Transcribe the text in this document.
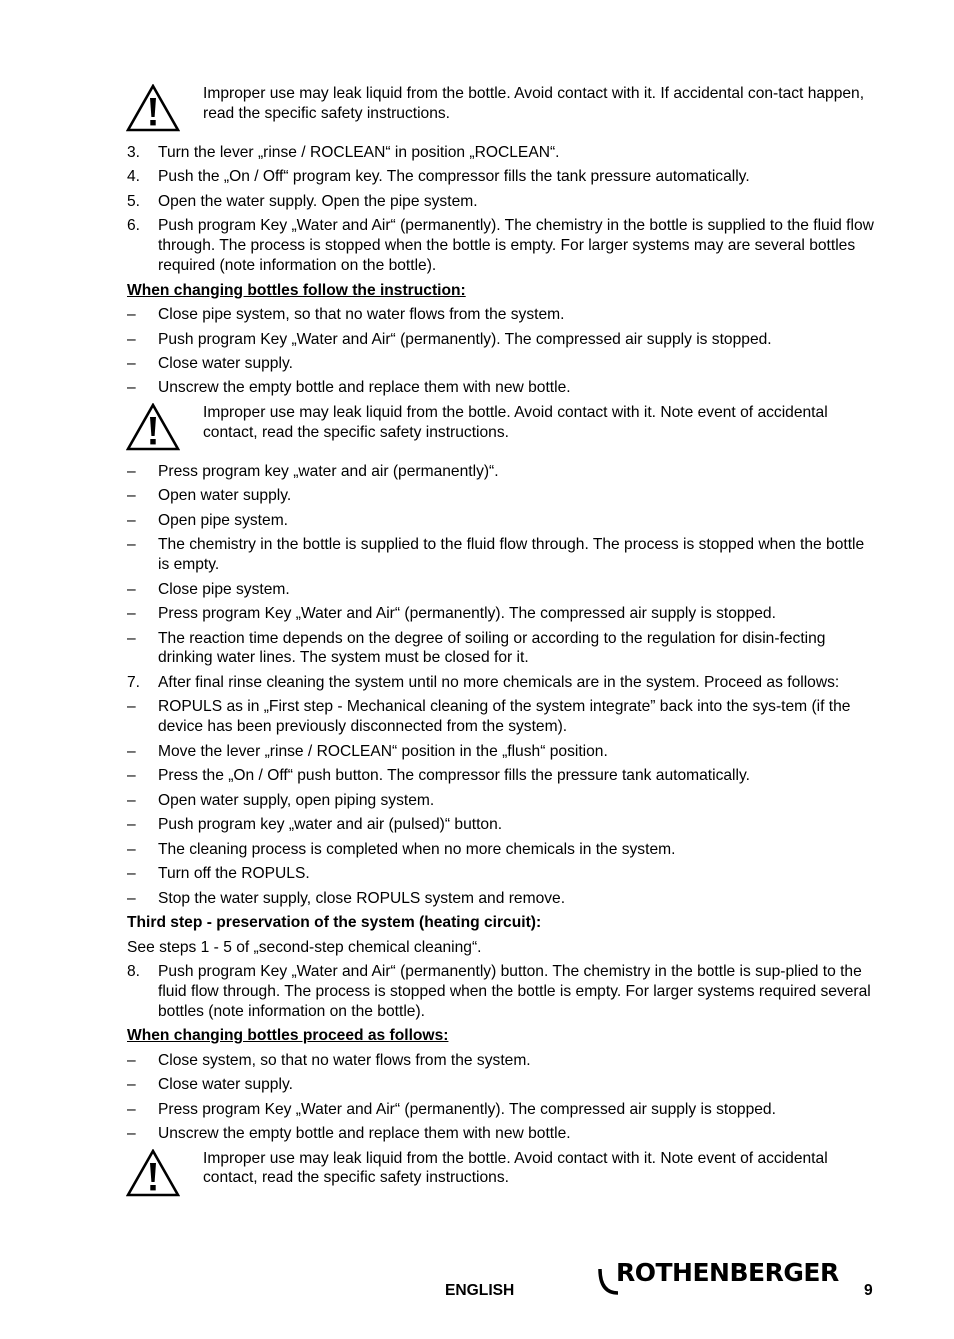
Improper use may leak liquid from the bottle. Avoid contact with it. If accidental con-tact happen, read the specific safety instructions.

3. Turn the lever „rinse / ROCLEAN“ in position „ROCLEAN“.
4. Push the „On / Off“ program key. The compressor fills the tank pressure automatically.
5. Open the water supply. Open the pipe system.
6. Push program Key „Water and Air“ (permanently). The chemistry in the bottle is supplied to the fluid flow through. The process is stopped when the bottle is empty. For larger systems may are several bottles required (note information on the bottle).
When changing bottles follow the instruction:
– Close pipe system, so that no water flows from the system.
– Push program Key „Water and Air“ (permanently). The compressed air supply is stopped.
– Close water supply.
– Unscrew the empty bottle and replace them with new bottle.

Improper use may leak liquid from the bottle. Avoid contact with it. Note event of accidental contact, read the specific safety instructions.

– Press program key „water and air (permanently)“.
– Open water supply.
– Open pipe system.
– The chemistry in the bottle is supplied to the fluid flow through. The process is stopped when the bottle is empty.
– Close pipe system.
– Press program Key „Water and Air“ (permanently). The compressed air supply is stopped.
– The reaction time depends on the degree of soiling or according to the regulation for disin-fecting drinking water lines. The system must be closed for it.
7. After final rinse cleaning the system until no more chemicals are in the system. Proceed as follows:
– ROPULS as in „First step - Mechanical cleaning of the system integrate” back into the sys-tem (if the device has been previously disconnected from the system).
– Move the lever „rinse / ROCLEAN“ position in the „flush“ position.
– Press the „On / Off“ push button. The compressor fills the pressure tank automatically.
– Open water supply, open piping system.
– Push program key „water and air (pulsed)“ button.
– The cleaning process is completed when no more chemicals in the system.
– Turn off the ROPULS.
– Stop the water supply, close ROPULS system and remove.
Third step - preservation of the system (heating circuit):
See steps 1 - 5 of „second-step chemical cleaning“.
8. Push program Key „Water and Air“ (permanently) button. The chemistry in the bottle is sup-plied to the fluid flow through. The process is stopped when the bottle is empty. For larger systems required several bottles (note information on the bottle).
When changing bottles proceed as follows:
– Close system, so that no water flows from the system.
– Close water supply.
– Press program Key „Water and Air“ (permanently). The compressed air supply is stopped.
– Unscrew the empty bottle and replace them with new bottle.

Improper use may leak liquid from the bottle. Avoid contact with it. Note event of accidental contact, read the specific safety instructions.

ENGLISH
ROTHENBERGER
9
